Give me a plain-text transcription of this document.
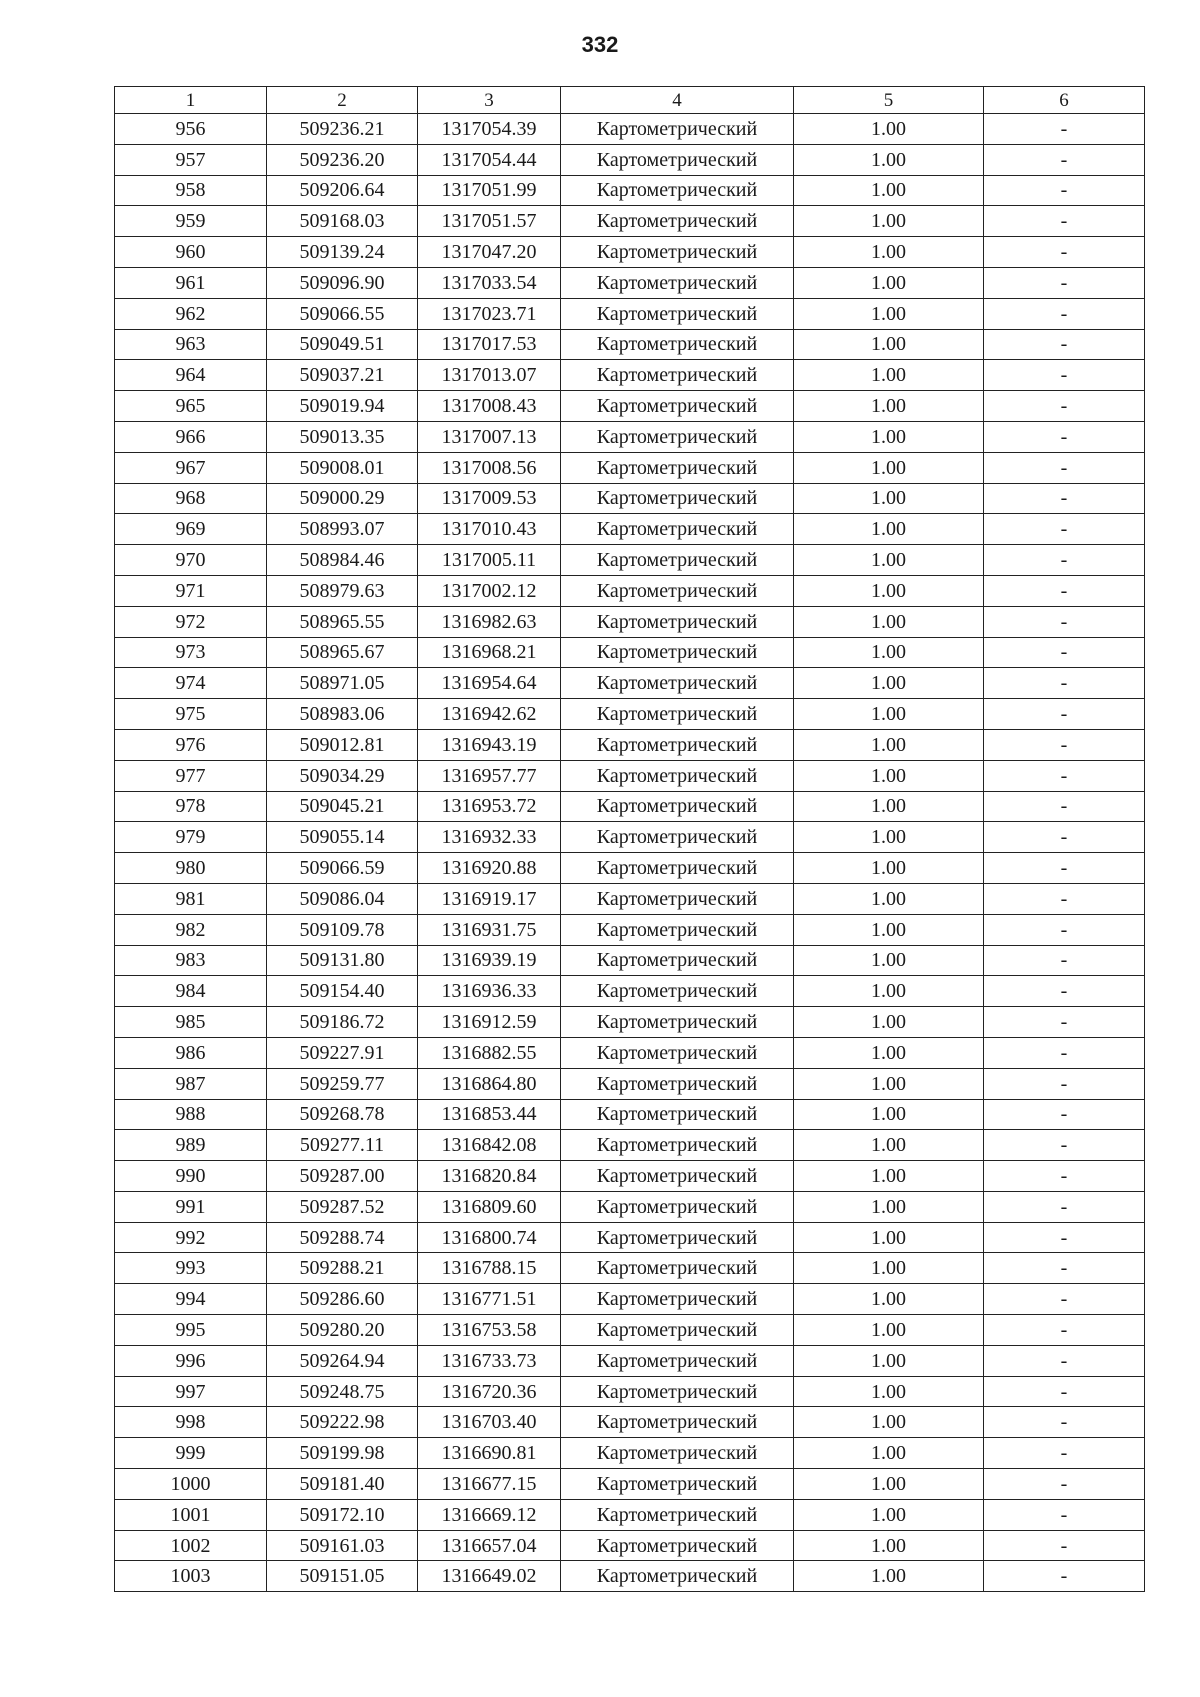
332
1	2	3	4	5	6
956	509236.21	1317054.39	Картометрический	1.00	-
957	509236.20	1317054.44	Картометрический	1.00	-
958	509206.64	1317051.99	Картометрический	1.00	-
959	509168.03	1317051.57	Картометрический	1.00	-
960	509139.24	1317047.20	Картометрический	1.00	-
961	509096.90	1317033.54	Картометрический	1.00	-
962	509066.55	1317023.71	Картометрический	1.00	-
963	509049.51	1317017.53	Картометрический	1.00	-
964	509037.21	1317013.07	Картометрический	1.00	-
965	509019.94	1317008.43	Картометрический	1.00	-
966	509013.35	1317007.13	Картометрический	1.00	-
967	509008.01	1317008.56	Картометрический	1.00	-
968	509000.29	1317009.53	Картометрический	1.00	-
969	508993.07	1317010.43	Картометрический	1.00	-
970	508984.46	1317005.11	Картометрический	1.00	-
971	508979.63	1317002.12	Картометрический	1.00	-
972	508965.55	1316982.63	Картометрический	1.00	-
973	508965.67	1316968.21	Картометрический	1.00	-
974	508971.05	1316954.64	Картометрический	1.00	-
975	508983.06	1316942.62	Картометрический	1.00	-
976	509012.81	1316943.19	Картометрический	1.00	-
977	509034.29	1316957.77	Картометрический	1.00	-
978	509045.21	1316953.72	Картометрический	1.00	-
979	509055.14	1316932.33	Картометрический	1.00	-
980	509066.59	1316920.88	Картометрический	1.00	-
981	509086.04	1316919.17	Картометрический	1.00	-
982	509109.78	1316931.75	Картометрический	1.00	-
983	509131.80	1316939.19	Картометрический	1.00	-
984	509154.40	1316936.33	Картометрический	1.00	-
985	509186.72	1316912.59	Картометрический	1.00	-
986	509227.91	1316882.55	Картометрический	1.00	-
987	509259.77	1316864.80	Картометрический	1.00	-
988	509268.78	1316853.44	Картометрический	1.00	-
989	509277.11	1316842.08	Картометрический	1.00	-
990	509287.00	1316820.84	Картометрический	1.00	-
991	509287.52	1316809.60	Картометрический	1.00	-
992	509288.74	1316800.74	Картометрический	1.00	-
993	509288.21	1316788.15	Картометрический	1.00	-
994	509286.60	1316771.51	Картометрический	1.00	-
995	509280.20	1316753.58	Картометрический	1.00	-
996	509264.94	1316733.73	Картометрический	1.00	-
997	509248.75	1316720.36	Картометрический	1.00	-
998	509222.98	1316703.40	Картометрический	1.00	-
999	509199.98	1316690.81	Картометрический	1.00	-
1000	509181.40	1316677.15	Картометрический	1.00	-
1001	509172.10	1316669.12	Картометрический	1.00	-
1002	509161.03	1316657.04	Картометрический	1.00	-
1003	509151.05	1316649.02	Картометрический	1.00	-
